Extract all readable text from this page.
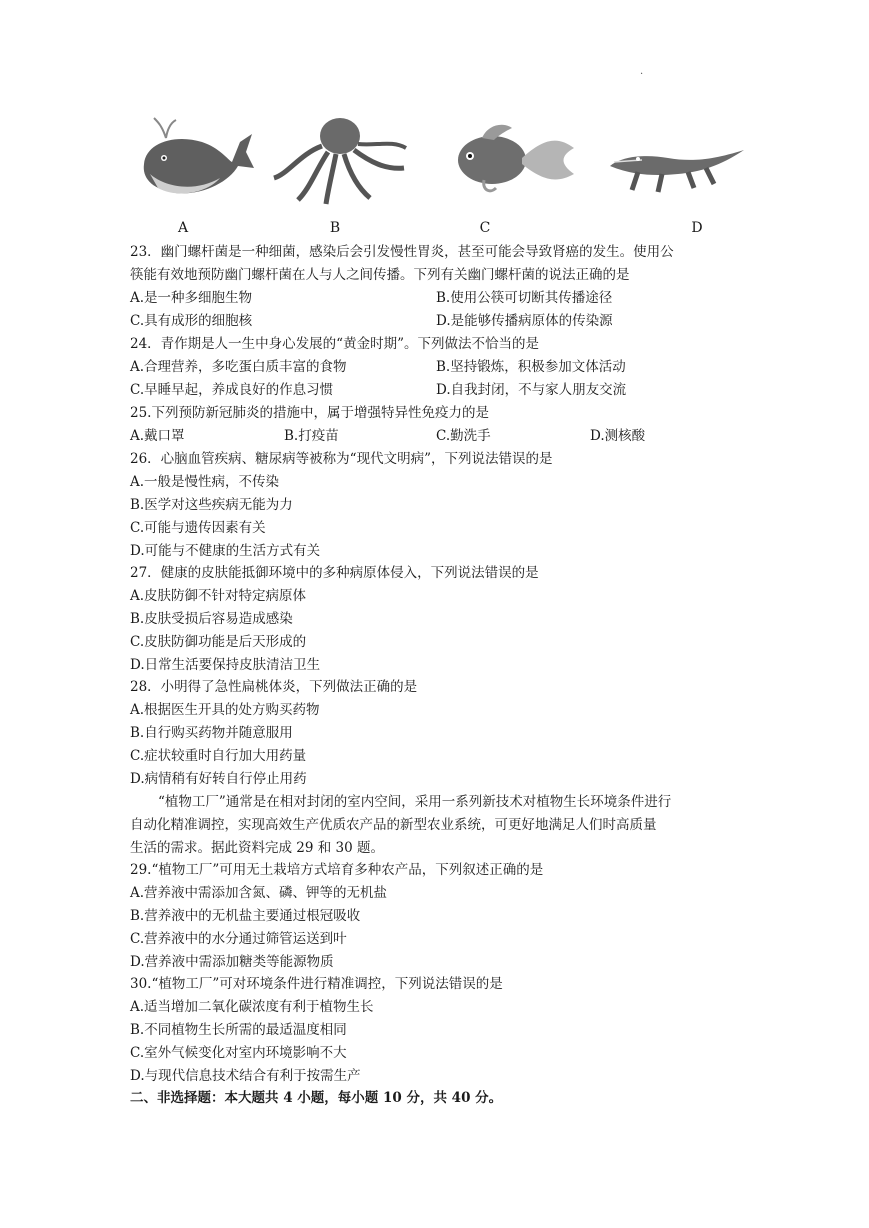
.
A	B	C	D
23．幽门螺杆菌是一种细菌，感染后会引发慢性胃炎，甚至可能会导致肾癌的发生。使用公
筷能有效地预防幽门螺杆菌在人与人之间传播。下列有关幽门螺杆菌的说法正确的是
A.是一种多细胞生物	B.使用公筷可切断其传播途径
C.具有成形的细胞核	D.是能够传播病原体的传染源
24．青作期是人一生中身心发展的“黄金时期”。下列做法不恰当的是
A.合理营养，多吃蛋白质丰富的食物	B.坚持锻炼，积极参加文体活动
C.早睡早起，养成良好的作息习惯	D.自我封闭，不与家人朋友交流
25.下列预防新冠肺炎的措施中，属于增强特异性免疫力的是
A.戴口罩	B.打疫苗	C.勤洗手	D.测核酸
26．心脑血管疾病、糖尿病等被称为“现代文明病”，下列说法错误的是
A.一般是慢性病，不传染
B.医学对这些疾病无能为力
C.可能与遗传因素有关
D.可能与不健康的生活方式有关
27．健康的皮肤能抵御环境中的多种病原体侵入，下列说法错误的是
A.皮肤防御不针对特定病原体
B.皮肤受损后容易造成感染
C.皮肤防御功能是后天形成的
D.日常生活要保持皮肤清洁卫生
28．小明得了急性扁桃体炎，下列做法正确的是
A.根据医生开具的处方购买药物
B.自行购买药物并随意服用
C.症状较重时自行加大用药量
D.病情稍有好转自行停止用药
“植物工厂”通常是在相对封闭的室内空间，采用一系列新技术对植物生长环境条件进行
自动化精准调控，实现高效生产优质农产品的新型农业系统，可更好地满足人们时高质量
生活的需求。据此资料完成 29 和 30 题。
29.“植物工厂”可用无土栽培方式培育多种农产品，下列叙述正确的是
A.营养液中需添加含氮、磷、钾等的无机盐
B.营养液中的无机盐主要通过根冠吸收
C.营养液中的水分通过筛管运送到叶
D.营养液中需添加糖类等能源物质
30.“植物工厂”可对环境条件进行精准调控，下列说法错误的是
A.适当增加二氧化碳浓度有利于植物生长
B.不同植物生长所需的最适温度相同
C.室外气候变化对室内环境影响不大
D.与现代信息技术结合有利于按需生产
二、非选择题：本大题共 4 小题，每小题 10 分，共 40 分。
